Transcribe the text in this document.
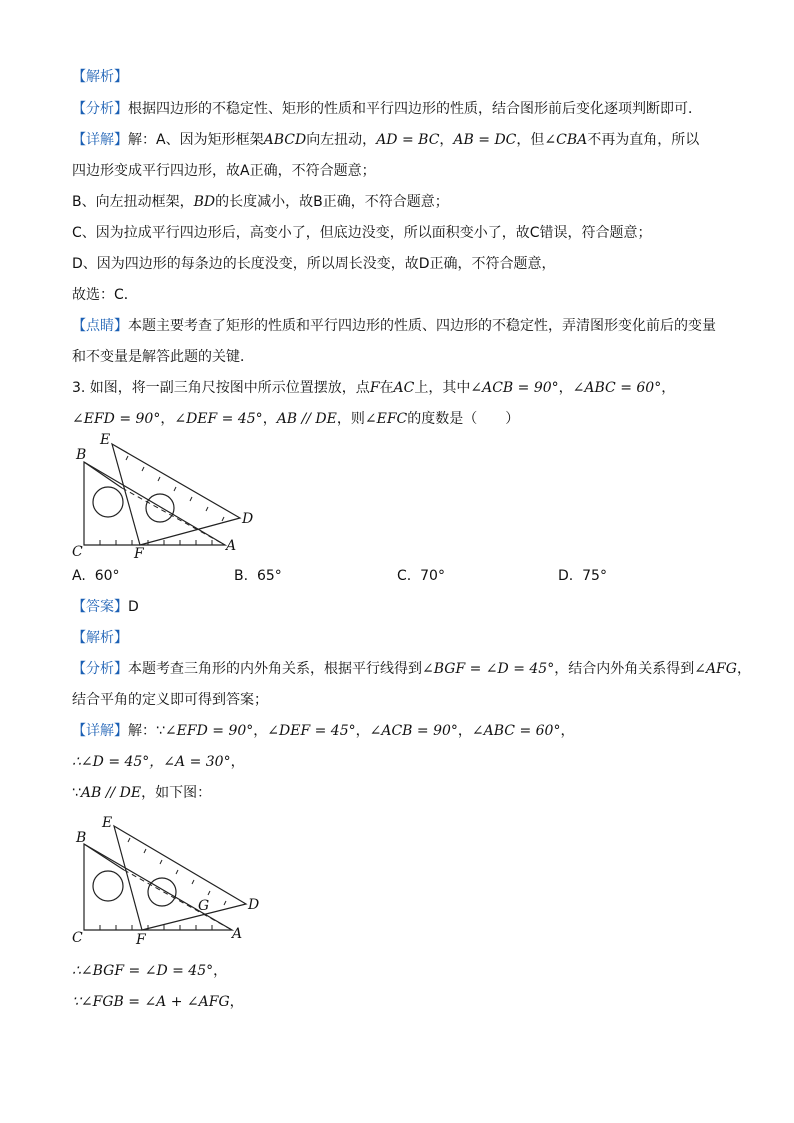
【解析】
【分析】根据四边形的不稳定性、矩形的性质和平行四边形的性质，结合图形前后变化逐项判断即可．
【详解】解：A、因为矩形框架ABCD向左扭动，AD = BC，AB = DC，但∠CBA不再为直角，所以
四边形变成平行四边形，故A正确，不符合题意；
B、向左扭动框架，BD的长度减小，故B正确，不符合题意；
C、因为拉成平行四边形后，高变小了，但底边没变，所以面积变小了，故C错误，符合题意；
D、因为四边形的每条边的长度没变，所以周长没变，故D正确，不符合题意，
故选：C．
【点睛】本题主要考查了矩形的性质和平行四边形的性质、四边形的不稳定性，弄清图形变化前后的变量
和不变量是解答此题的关键．
3. 如图，将一副三角尺按图中所示位置摆放，点F在AC上，其中∠ACB = 90°，∠ABC = 60°，
∠EFD = 90°，∠DEF = 45°，AB // DE，则∠EFC的度数是（　　）
B
E
C	F	A
D
A. 60°	B. 65°	C. 70°	D. 75°
【答案】D
【解析】
【分析】本题考查三角形的内外角关系，根据平行线得到∠BGF = ∠D = 45°，结合内外角关系得到∠AFG，
结合平角的定义即可得到答案；
【详解】解：∵∠EFD = 90°，∠DEF = 45°，∠ACB = 90°，∠ABC = 60°，
∴∠D = 45°，∠A = 30°，
∵AB // DE，如下图：
B
E
C	F	A
D
G
∴∠BGF = ∠D = 45°，
∵∠FGB = ∠A + ∠AFG，
